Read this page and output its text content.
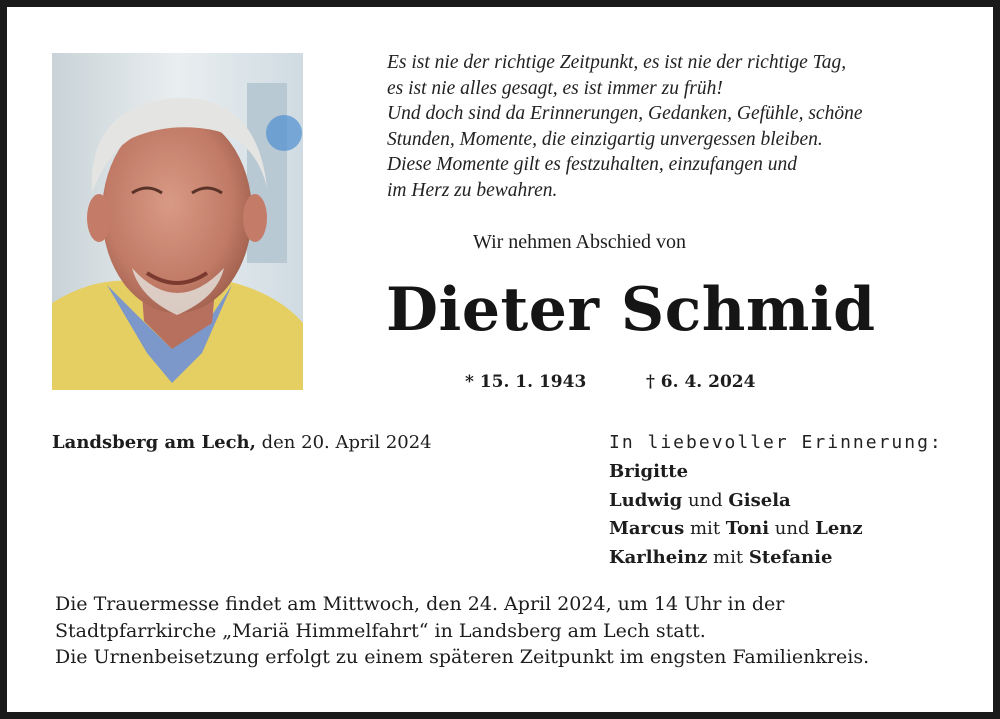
Es ist nie der richtige Zeitpunkt, es ist nie der richtige Tag,
es ist nie alles gesagt, es ist immer zu früh!
Und doch sind da Erinnerungen, Gedanken, Gefühle, schöne
Stunden, Momente, die einzigartig unvergessen bleiben.
Diese Momente gilt es festzuhalten, einzufangen und
im Herz zu bewahren.
Wir nehmen Abschied von
Dieter Schmid
* 15. 1. 1943	† 6. 4. 2024
Landsberg am Lech, den 20. April 2024	In liebevoller Erinnerung:
Brigitte
Ludwig und Gisela
Marcus mit Toni und Lenz
Karlheinz mit Stefanie
Die Trauermesse findet am Mittwoch, den 24. April 2024, um 14 Uhr in der
Stadtpfarrkirche „Mariä Himmelfahrt“ in Landsberg am Lech statt.
Die Urnenbeisetzung erfolgt zu einem späteren Zeitpunkt im engsten Familienkreis.
